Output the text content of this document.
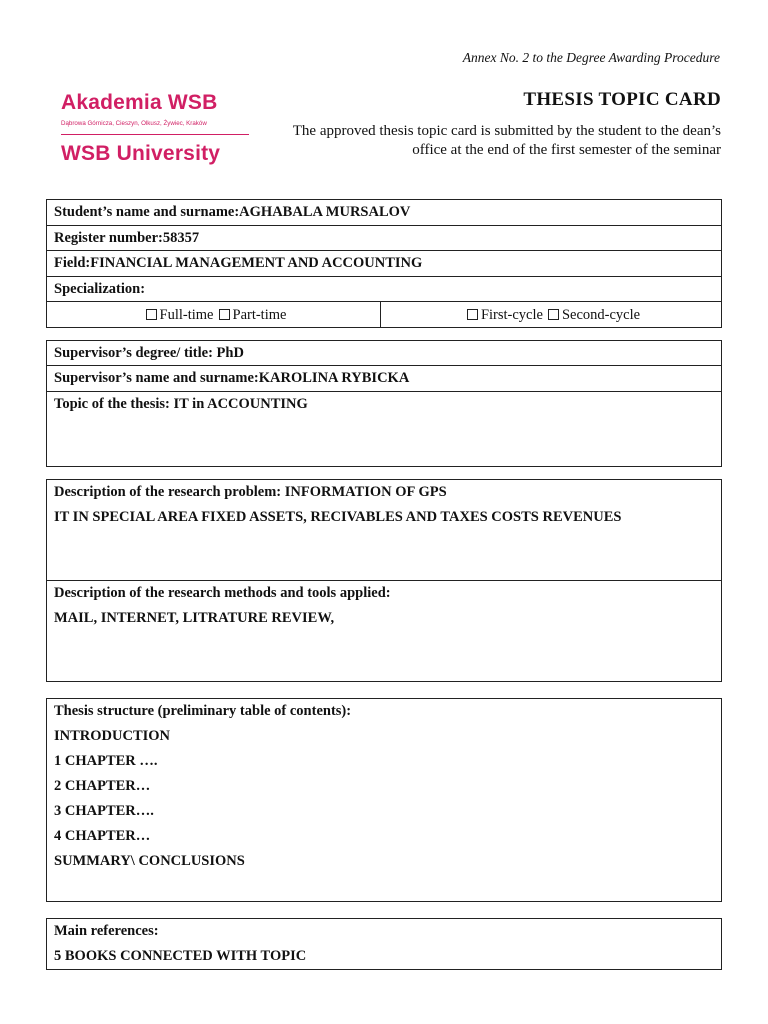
Annex No. 2 to the Degree Awarding Procedure
Akademia WSB
Dąbrowa Górnicza, Cieszyn, Olkusz, Żywiec, Kraków
WSB University
THESIS TOPIC CARD
The approved thesis topic card is submitted by the student to the dean’s office at the end of the first semester of the seminar
Student’s name and surname:AGHABALA MURSALOV
Register number:58357
Field:FINANCIAL MANAGEMENT AND ACCOUNTING
Specialization:
Full-time Part-time	First-cycle Second-cycle
Supervisor’s degree/ title: PhD
Supervisor’s name and surname:KAROLINA RYBICKA
Topic of the thesis: IT in ACCOUNTING
Description of the research problem: INFORMATION OF GPS
IT IN SPECIAL AREA FIXED ASSETS, RECIVABLES AND TAXES COSTS REVENUES
Description of the research methods and tools applied:
MAIL, INTERNET, LITRATURE REVIEW,
Thesis structure (preliminary table of contents):
INTRODUCTION
1 CHAPTER ….
2 CHAPTER…
3 CHAPTER….
4 CHAPTER…
SUMMARY\ CONCLUSIONS
Main references:
5 BOOKS CONNECTED WITH TOPIC
